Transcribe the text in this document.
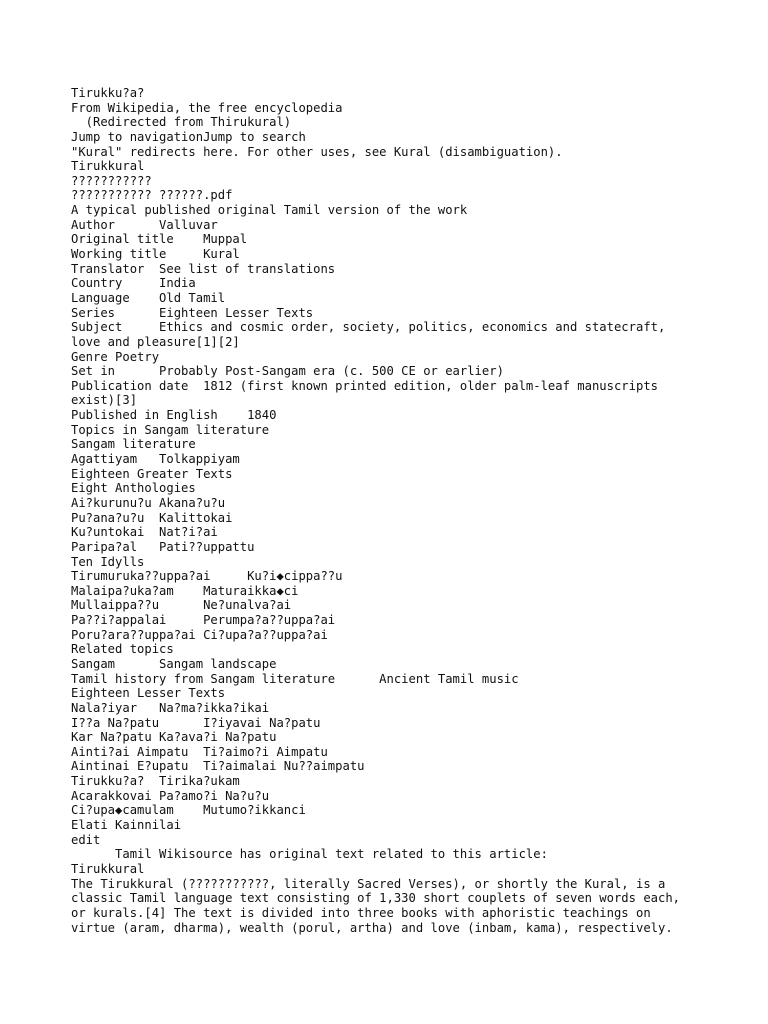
Tirukku?a?
From Wikipedia, the free encyclopedia
(Redirected from Thirukural)
Jump to navigationJump to search
"Kural" redirects here. For other uses, see Kural (disambiguation).
Tirukkural
???????????
??????????? ??????.pdf
A typical published original Tamil version of the work
Author      Valluvar
Original title    Muppal
Working title     Kural
Translator  See list of translations
Country     India
Language    Old Tamil
Series      Eighteen Lesser Texts
Subject     Ethics and cosmic order, society, politics, economics and statecraft,
love and pleasure[1][2]
Genre Poetry
Set in      Probably Post-Sangam era (c. 500 CE or earlier)
Publication date  1812 (first known printed edition, older palm-leaf manuscripts
exist)[3]
Published in English    1840
Topics in Sangam literature
Sangam literature
Agattiyam   Tolkappiyam
Eighteen Greater Texts
Eight Anthologies
Ai?kurunu?u Akana?u?u
Pu?ana?u?u  Kalittokai
Ku?untokai  Nat?i?ai
Paripa?al   Pati??uppattu
Ten Idylls
Tirumuruka??uppa?ai     Ku?i◆cippa??u
Malaipa?uka?am    Maturaikka◆ci
Mullaippa??u      Ne?unalva?ai
Pa??i?appalai     Perumpa?a??uppa?ai
Poru?ara??uppa?ai Ci?upa?a??uppa?ai
Related topics
Sangam      Sangam landscape
Tamil history from Sangam literature      Ancient Tamil music
Eighteen Lesser Texts
Nala?iyar   Na?ma?ikka?ikai
I??a Na?patu      I?iyavai Na?patu
Kar Na?patu Ka?ava?i Na?patu
Ainti?ai Aimpatu  Ti?aimo?i Aimpatu
Aintinai E?upatu  Ti?aimalai Nu??aimpatu
Tirukku?a?  Tirika?ukam
Acarakkovai Pa?amo?i Na?u?u
Ci?upa◆camulam    Mutumo?ikkanci
Elati Kainnilai
edit
Tamil Wikisource has original text related to this article:
Tirukkural
The Tirukkural (???????????, literally Sacred Verses), or shortly the Kural, is a
classic Tamil language text consisting of 1,330 short couplets of seven words each,
or kurals.[4] The text is divided into three books with aphoristic teachings on
virtue (aram, dharma), wealth (porul, artha) and love (inbam, kama), respectively.
